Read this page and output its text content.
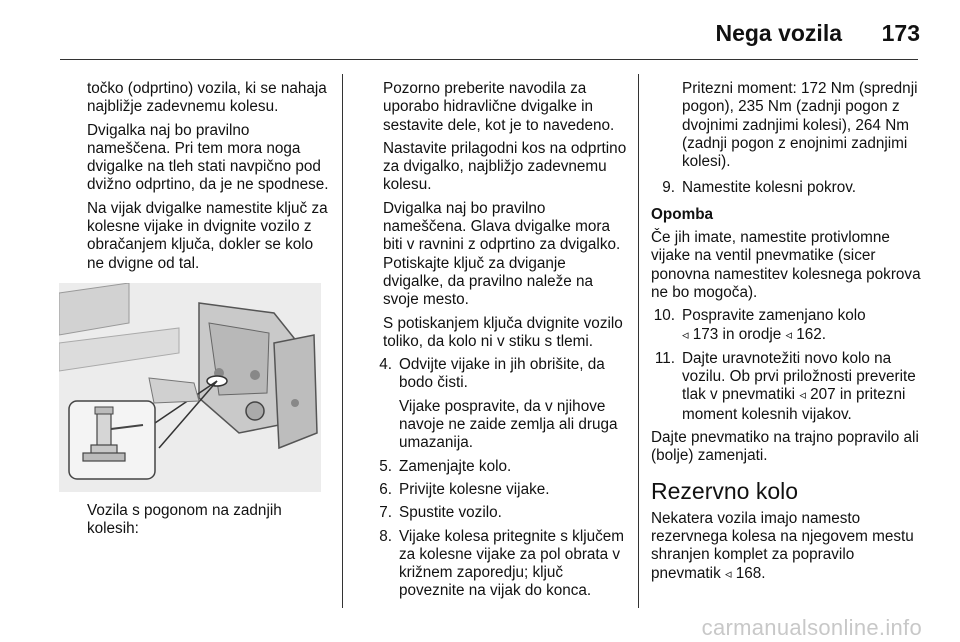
Nega vozila 173

točko (odprtino) vozila, ki se nahaja najbližje zadevnemu kolesu.

Dvigalka naj bo pravilno nameščena. Pri tem mora noga dvigalke na tleh stati navpično pod dvižno odprtino, da je ne spodnese.

Na vijak dvigalke namestite ključ za kolesne vijake in dvignite vozilo z obračanjem ključa, dokler se kolo ne dvigne od tal.

Vozila s pogonom na zadnjih kolesih:

Pozorno preberite navodila za uporabo hidravlične dvigalke in sestavite dele, kot je to navedeno.

Nastavite prilagodni kos na odprtino za dvigalko, najbližjo zadevnemu kolesu.

Dvigalka naj bo pravilno nameščena. Glava dvigalke mora biti v ravnini z odprtino za dvigalko. Potiskajte ključ za dviganje dvigalke, da pravilno naleže na svoje mesto.

S potiskanjem ključa dvignite vozilo toliko, da kolo ni v stiku s tlemi.

4. Odvijte vijake in jih obrišite, da bodo čisti.
Vijake pospravite, da v njihove navoje ne zaide zemlja ali druga umazanija.
5. Zamenjajte kolo.
6. Privijte kolesne vijake.
7. Spustite vozilo.
8. Vijake kolesa pritegnite s ključem za kolesne vijake za pol obrata v križnem zaporedju; ključ poveznite na vijak do konca.

Pritezni moment: 172 Nm (sprednji pogon), 235 Nm (zadnji pogon z dvojnimi zadnjimi kolesi), 264 Nm (zadnji pogon z enojnimi zadnjimi kolesi).

9. Namestite kolesni pokrov.

Opomba

Če jih imate, namestite protivlomne vijake na ventil pnevmatike (sicer ponovna namestitev kolesnega pokrova ne bo mogoča).

10. Pospravite zamenjano kolo
◃ 173 in orodje ◃ 162.
11. Dajte uravnotežiti novo kolo na vozilu. Ob prvi priložnosti preverite tlak v pnevmatiki ◃ 207 in pritezni moment kolesnih vijakov.

Dajte pnevmatiko na trajno popravilo ali (bolje) zamenjati.

Rezervno kolo

Nekatera vozila imajo namesto rezervnega kolesa na njegovem mestu shranjen komplet za popravilo pnevmatik ◃ 168.

carmanualsonline.info
